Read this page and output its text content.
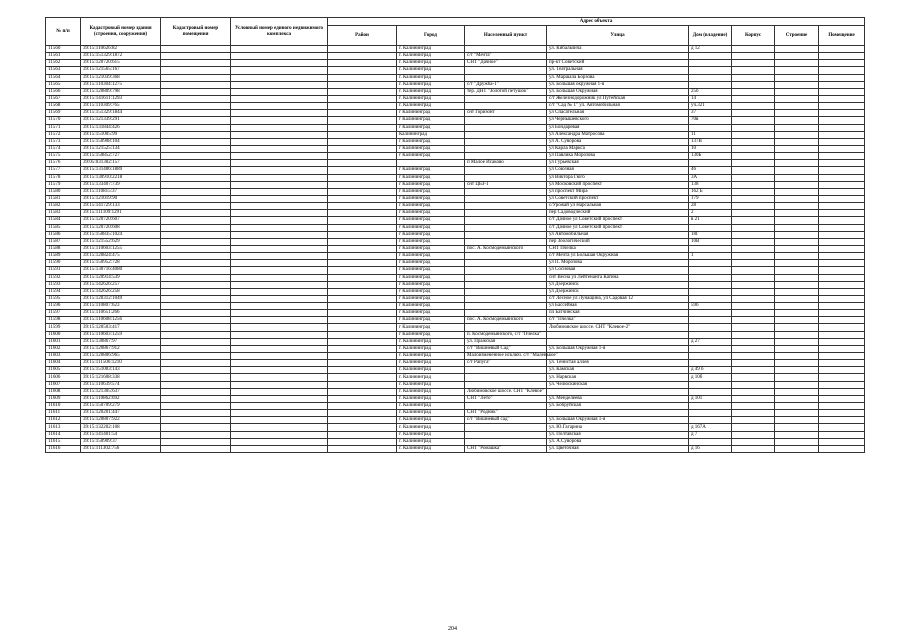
№ п/п	Кадастровый номер здания (строения, сооружения)	Кадастровый номер помещения	Условный номер единого недвижимого комплекса	Адрес объекта							
				Район	Город	Населенный пункт	Улица	Дом (владение)	Корпус	Строение	Помещение
11560	39:15:110626:82				г. Калининград		ул. Кибальчича	д 12			
11561	39:15:151329:1872				г. Калининград	с/т "Мечта"					
11562	39:15:120720:615				г. Калининград	СНТ "Дачное"	пр-кт Советский				
11563	39:15:121565:167				г. Калининград		ул. Театральная				
11564	39:15:121039:368				г. Калининград		ул. Маршала Борзова				
11565	39:15:110304:1275				г. Калининград	с/т "Дружба-1"	ул. Большая окружная 1-я				
11566	39:15:120809:798				г. Калининград	тер. ДНТ "Золотой петушок"	ул. Большая Окружная	25б			
11567	39:15:141611:1293				г. Калининград		с/т Железнодорожник ул Путейская	14			
11568	39:15:110309:765				г. Калининград		с/т "Сад № 1" ул. Автомобильная	уч.321			
11569	39:15:151329:1844				г Калининград	снт Горизонт	ул Спасательная	37			
11570	39:15:121339:291				г Калининград		ул Чернышевского	70в			
11571	39:15:131844:426				г Калининград		ул Бондаревая				
11572	39:15:151005:99				Калининград		ул Александра Матросова	11			
11573	39:15:150908:104				г Калининград		ул А. Суворова	137В			
11574	39:15:121525:134				г Калининград		ул Карла Маркса	10			
11575	39:15:150852:727				г Калининград		ул Павлика Морозова	130Б			
11576	39:05:031302:157					п Малое Исаково	ул Гурьевская				
11577	39:15:131406:1889				г Калининград		ул Союзная	46			
11578	39:15:130910:2218				г Калининград		ул Виктора Гюго	3А			
11579	39:15:133407:739				г Калининград	снт ЦБЗ-1	ул Московский проспект	138			
11580	39:15:110815:37				г Калининград		ул проспект Мира	162 Б			
11581	39:15:121019:90				г Калининград		ул Советский проспект	179			
11582	39:15:141729:133				г Калининград		с/Урожай ул Нарсальная	28			
11583	39:15:111109:1291				г Калининград		пер Садоводческий	2			
11584	39:15:120720:607				г Калининград		с/т Дачное ул Советский проспект	в 21			
11585	39:15:120720:608				г Калининград		с/т Дачное ул Советский проспект				
11586	39:15:150835:1024				г Калининград		ул Автомобильная	18Г			
11587	39:15:121552:629				г Калининград		пер Зоологический	10В			
11588	39:15:110603:1255				г Калининград	пос. А. Космодемьянского	СНТ Пчелка				
11589	39:15:120824:475				г Калининград		с/т Мечта ул Большая Окружная	1			
11590	39:15:150952:728				г Калининград		ул П. Морозова				
11591	39:15:130716:4080				г Калининград		ул Сосновая				
11592	39:15:120914:539				г Калининград		снт Весна ул Лейтенанта Катина				
11593	39:15:142626:257				г Калининград		ул Дзержинск				
11594	39:15:142626:258				г Калининград		ул Дзержинск				
11595	39:15:120312:1049				г Калининград		с/т Лесное ул Лунащина, ул Садовая 12				
11596	39:15:110807:623				г Калининград		ул Бассейная	59б			
11597	39:15:110651:266				г Калининград		пл Батчинская				
11598	39:15:110608:1256				г Калининград	пос. А. Космодемьянского	с/т "Пчелка"				
11599	39:15:120503:417				г Калининград		Любимовское шоссе. СНТ "Клевое-2"				
11600	39:15:110603:1259				г Калининград	п. Космодемьянского, с/т "Пчелка"					
11601	39:15:130867:97				г. Калининград	ул. Пражская		д 27			
11602	39:15:120867:912				г. Калининград	с/т "Вишневый Сад"	ул. Большая Окружная 1-я				
11603	39:15:120806:965				г. Калининград	Малоизменённое исключ. с/т "Маленькое"					
11604	39:15:111506:1210				г. Калининград	с/т Рапуга"	ул. Тенистая аллея				
11605	39:15:151003:143				г. Калининград		ул. Камская	д 49 б			
11606	39:15:121608:338				г. Калининград		ул. Нарвская	д 10б			
11607	39:15:110639:574				г. Калининград		ул. Челюскинская				
11608	39:15:121305:637				г. Калининград	Любимовское шоссе. СНТ "Клевое"					
11609	39:15:110862:692				г. Калининград	СНТ "Лето"	ул. Менделеева	д 101			
11610	39:15:150709:279				г. Калининград		ул. Бобруйская				
11611	39:15:120201:447				г. Калининград	СНТ "Родник"					
11612	39:15:120807:922				г. Калининград	с/т "Вишневый сад"	ул. Большая Окружная 1-я				
11613	39:15:132202:108				г. Калининград		ул. Ю.Гагарина	д 167А			
11614	39:15:141401:54				г. Калининград		ул. Полтавская	д 7			
11615	39:15:150909:37				г. Калининград		ул. А.Суворова				
11616	39:15:111302:756				г. Калининград	СНТ "Ромашка"	ул. Цветочная	д 16			
204
